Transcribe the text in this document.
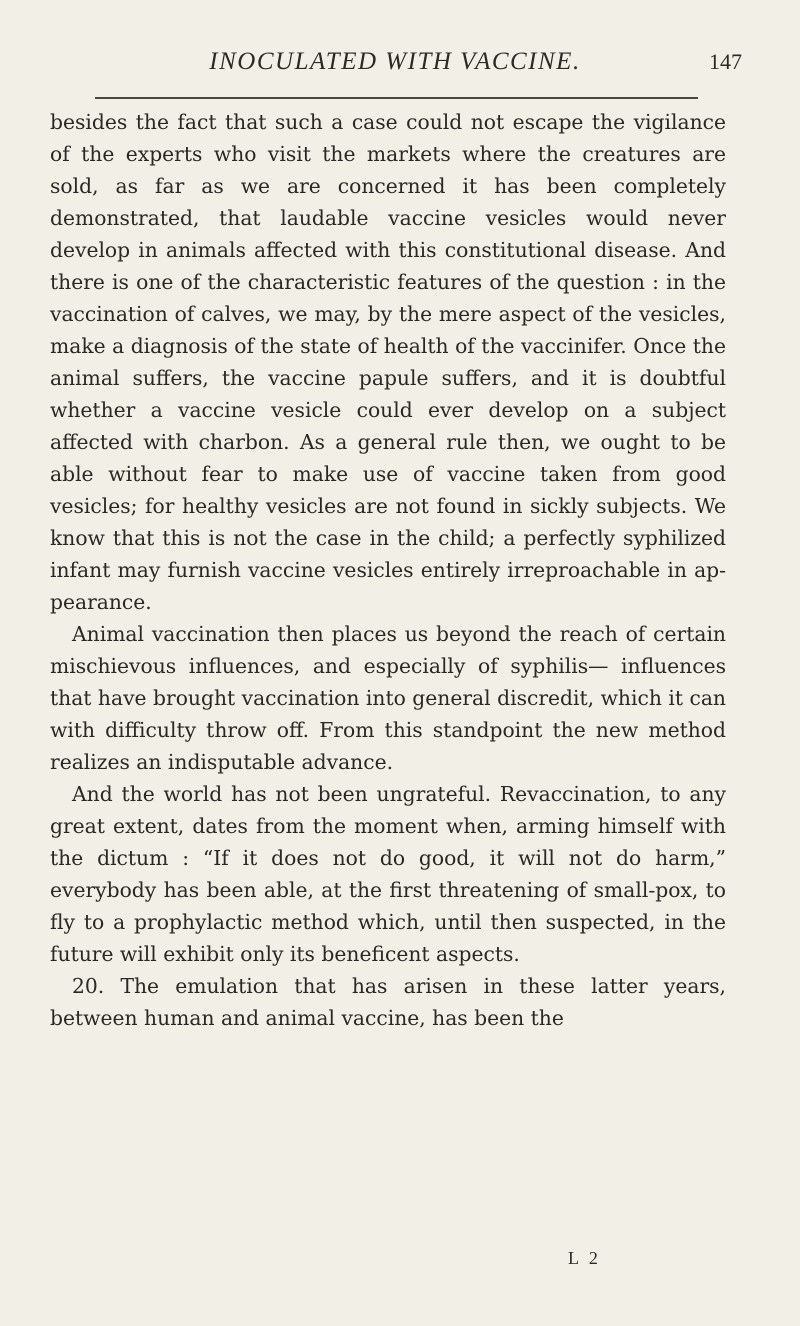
INOCULATED WITH VACCINE.	147

besides the fact that such a case could not escape the vigilance of the experts who visit the markets where the creatures are sold, as far as we are concerned it has been completely demonstrated, that laudable vaccine vesicles would never develop in animals affected with this constitutional disease. And there is one of the characteristic features of the question : in the vaccination of calves, we may, by the mere aspect of the vesicles, make a diagnosis of the state of health of the vaccinifer. Once the animal suffers, the vaccine papule suffers, and it is doubtful whether a vaccine vesicle could ever develop on a subject affected with charbon. As a general rule then, we ought to be able without fear to make use of vaccine taken from good vesicles; for healthy vesicles are not found in sickly subjects. We know that this is not the case in the child; a perfectly syphilized infant may furnish vaccine vesicles entirely irreproachable in appearance.

Animal vaccination then places us beyond the reach of certain mischievous influences, and especially of syphilis— influences that have brought vaccination into general discredit, which it can with difficulty throw off. From this standpoint the new method realizes an indisputable advance.

And the world has not been ungrateful. Revaccination, to any great extent, dates from the moment when, arming himself with the dictum : “If it does not do good, it will not do harm,” everybody has been able, at the first threatening of small-pox, to fly to a prophylactic method which, until then suspected, in the future will exhibit only its beneficent aspects.

20. The emulation that has arisen in these latter years, between human and animal vaccine, has been the

L 2
